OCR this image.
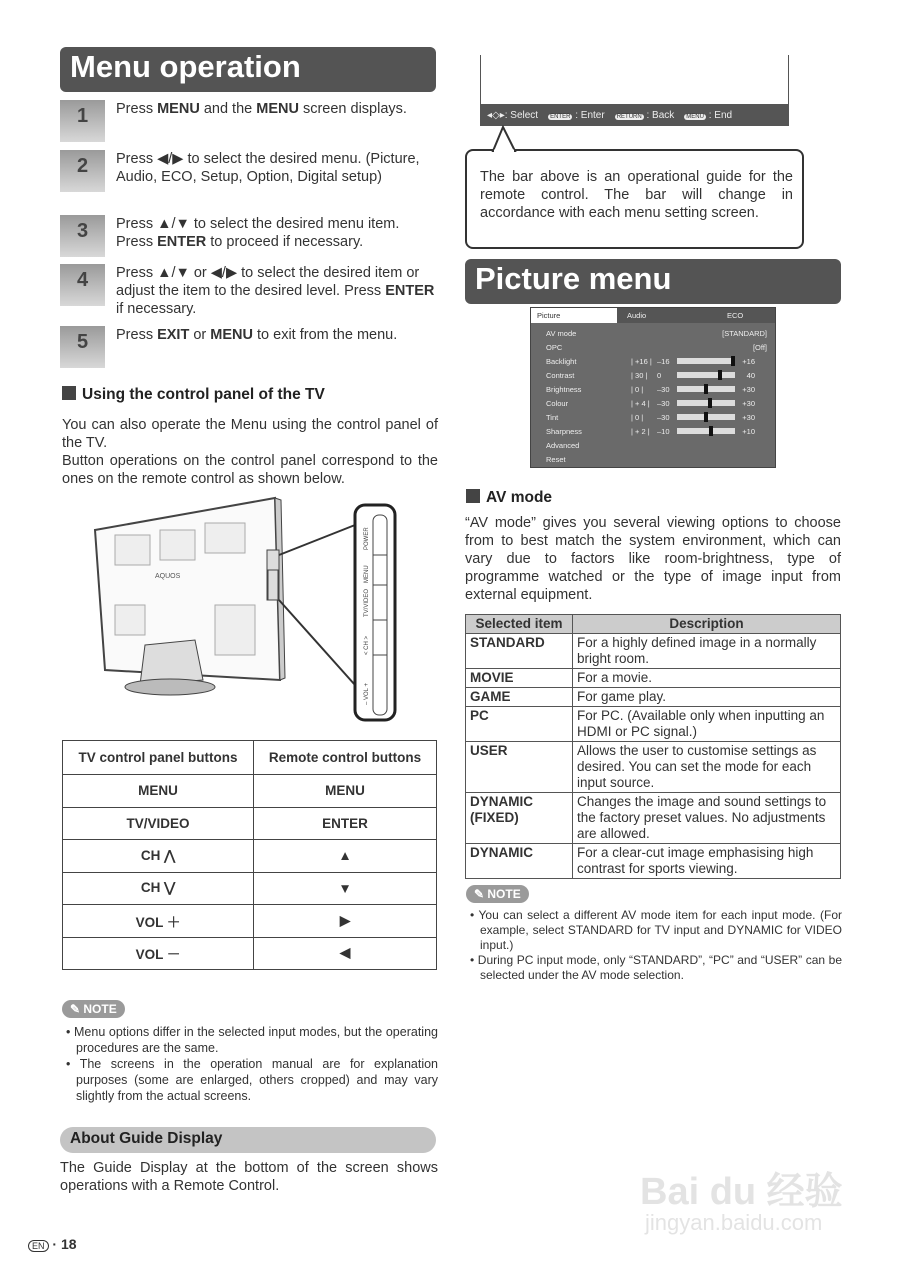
Menu operation
1	Press MENU and the MENU screen displays.
2	Press ◀/▶ to select the desired menu. (Picture, Audio, ECO, Setup, Option, Digital setup)
3	Press ▲/▼ to select the desired menu item. Press ENTER to proceed if necessary.
4	Press ▲/▼ or ◀/▶ to select the desired item or adjust the item to the desired level. Press ENTER if necessary.
5	Press EXIT or MENU to exit from the menu.
Using the control panel of the TV

You can also operate the Menu using the control panel of the TV.

Button operations on the control panel correspond to the ones on the remote control as shown below.

AQUOS
POWER
MENU
TV/VIDEO
< CH >
– VOL +
TV control panel buttons	Remote control buttons
MENU	MENU
TV/VIDEO	ENTER
CH ⋀	▲
CH ⋁	▼
VOL ＋	▶
VOL －	◀
✎ NOTE
• Menu options differ in the selected input modes, but the operating procedures are the same.
• The screens in the operation manual are for explanation purposes (some are enlarged, others cropped) and may vary slightly from the actual screens.
About Guide Display

The Guide Display at the bottom of the screen shows operations with a Remote Control.

EN · 18
◂◇▸: Select	ENTER : Enter	RETURN : Back	MENU : End

The bar above is an operational guide for the remote control. The bar will change in accordance with each menu setting screen.

Picture menu
Picture	Audio	ECO
AV mode	[STANDARD]
OPC	[Off]
Backlight	| +16 | –16	+16
Contrast	| 30 | 0	40
Brightness	| 0 | –30	+30
Colour	| + 4 | –30	+30
Tint	| 0 | –30	+30
Sharpness	| + 2 | –10	+10
Advanced
Reset
AV mode

“AV mode” gives you several viewing options to choose from to best match the system environment, which can vary due to factors like room-brightness, type of programme watched or the type of image input from external equipment.

Selected item	Description
STANDARD	For a highly defined image in a normally bright room.
MOVIE	For a movie.
GAME	For game play.
PC	For PC. (Available only when inputting an HDMI or PC signal.)
USER	Allows the user to customise settings as desired. You can set the mode for each input source.
DYNAMIC (FIXED)	Changes the image and sound settings to the factory preset values. No adjustments are allowed.
DYNAMIC	For a clear-cut image emphasising high contrast for sports viewing.
✎ NOTE
• You can select a different AV mode item for each input mode. (For example, select STANDARD for TV input and DYNAMIC for VIDEO input.)
• During PC input mode, only “STANDARD”, “PC” and “USER” can be selected under the AV mode selection.
Bai du 经验
jingyan.baidu.com
